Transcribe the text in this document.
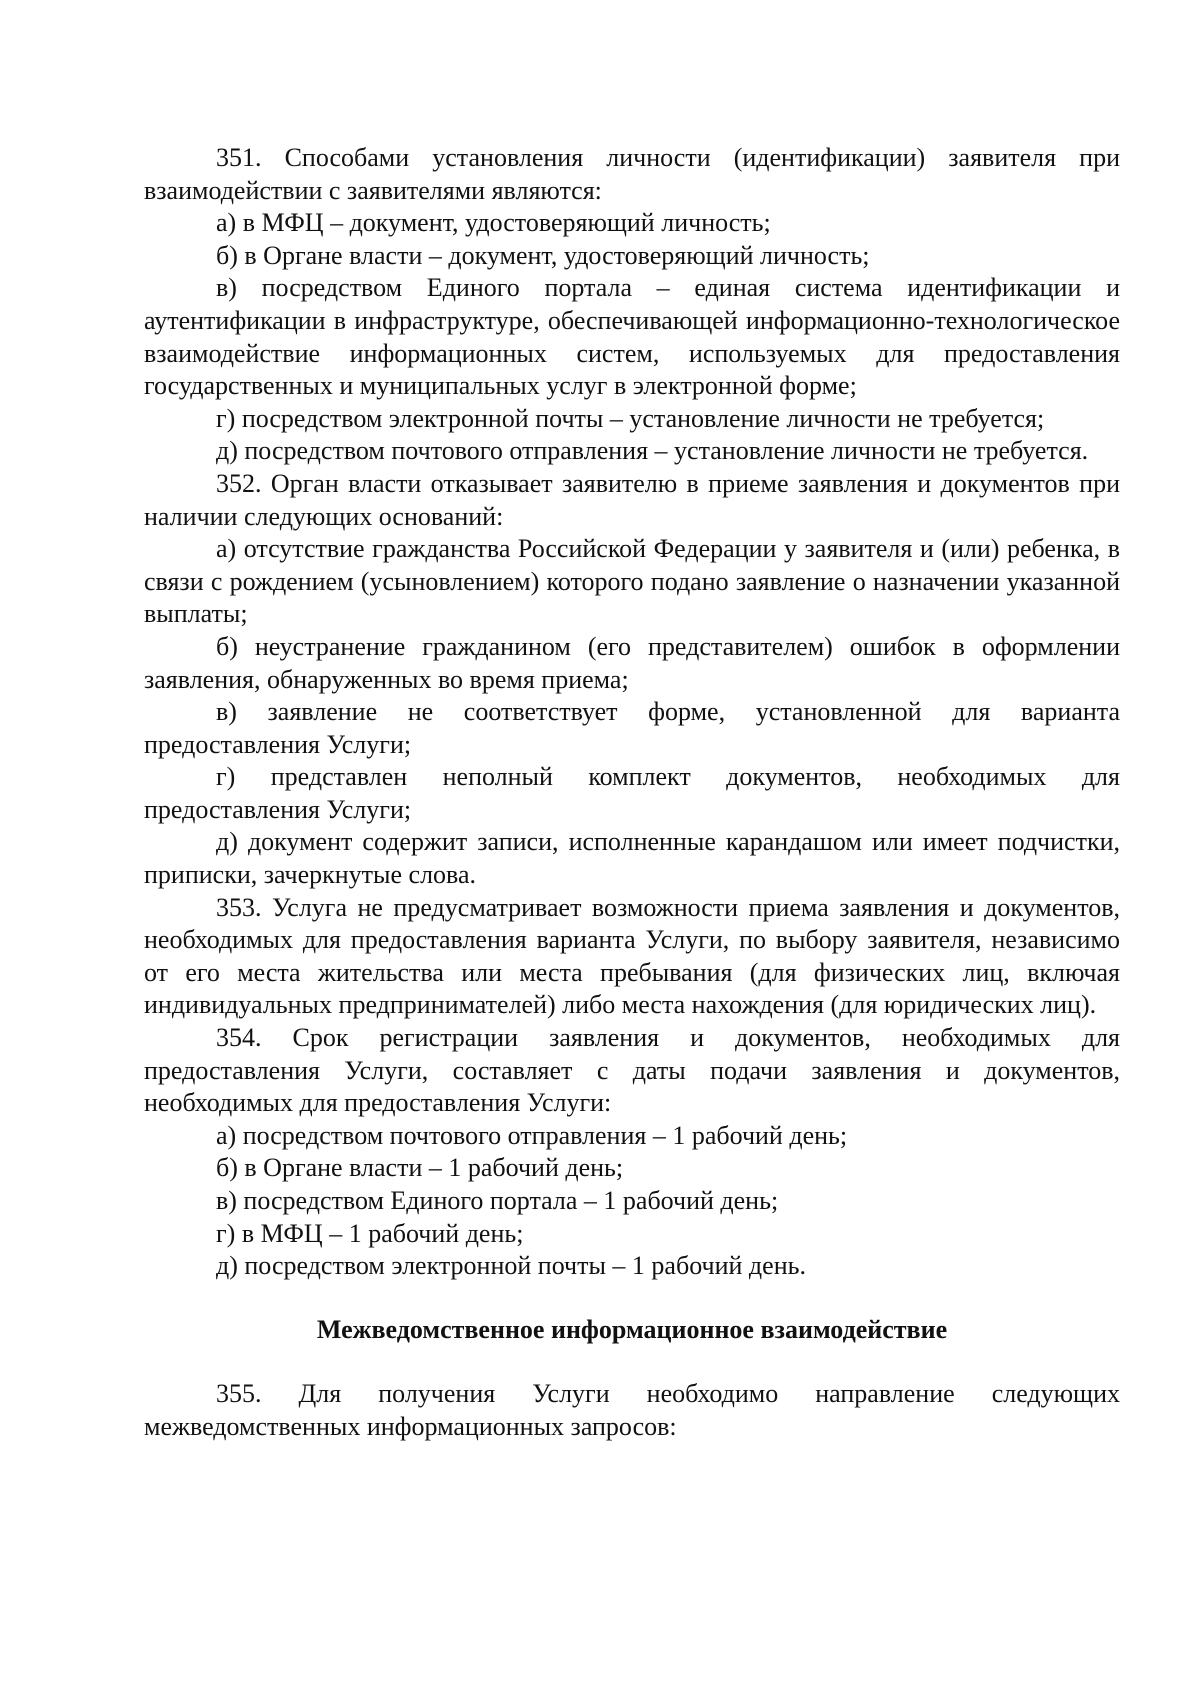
351. Способами установления личности (идентификации) заявителя при взаимодействии с заявителями являются:

а) в МФЦ – документ, удостоверяющий личность;

б) в Органе власти – документ, удостоверяющий личность;

в) посредством Единого портала – единая система идентификации и аутентификации в инфраструктуре, обеспечивающей информационно-технологическое взаимодействие информационных систем, используемых для предоставления государственных и муниципальных услуг в электронной форме;

г) посредством электронной почты – установление личности не требуется;

д) посредством почтового отправления – установление личности не требуется.

352. Орган власти отказывает заявителю в приеме заявления и документов при наличии следующих оснований:

а) отсутствие гражданства Российской Федерации у заявителя и (или) ребенка, в связи с рождением (усыновлением) которого подано заявление о назначении указанной выплаты;

б) неустранение гражданином (его представителем) ошибок в оформлении заявления, обнаруженных во время приема;

в) заявление не соответствует форме, установленной для варианта предоставления Услуги;

г) представлен неполный комплект документов, необходимых для предоставления Услуги;

д) документ содержит записи, исполненные карандашом или имеет подчистки, приписки, зачеркнутые слова.

353. Услуга не предусматривает возможности приема заявления и документов, необходимых для предоставления варианта Услуги, по выбору заявителя, независимо от его места жительства или места пребывания (для физических лиц, включая индивидуальных предпринимателей) либо места нахождения (для юридических лиц).

354. Срок регистрации заявления и документов, необходимых для предоставления Услуги, составляет с даты подачи заявления и документов, необходимых для предоставления Услуги:

а) посредством почтового отправления – 1 рабочий день;

б) в Органе власти – 1 рабочий день;

в) посредством Единого портала – 1 рабочий день;

г) в МФЦ – 1 рабочий день;

д) посредством электронной почты – 1 рабочий день.

Межведомственное информационное взаимодействие

355. Для получения Услуги необходимо направление следующих межведомственных информационных запросов:
